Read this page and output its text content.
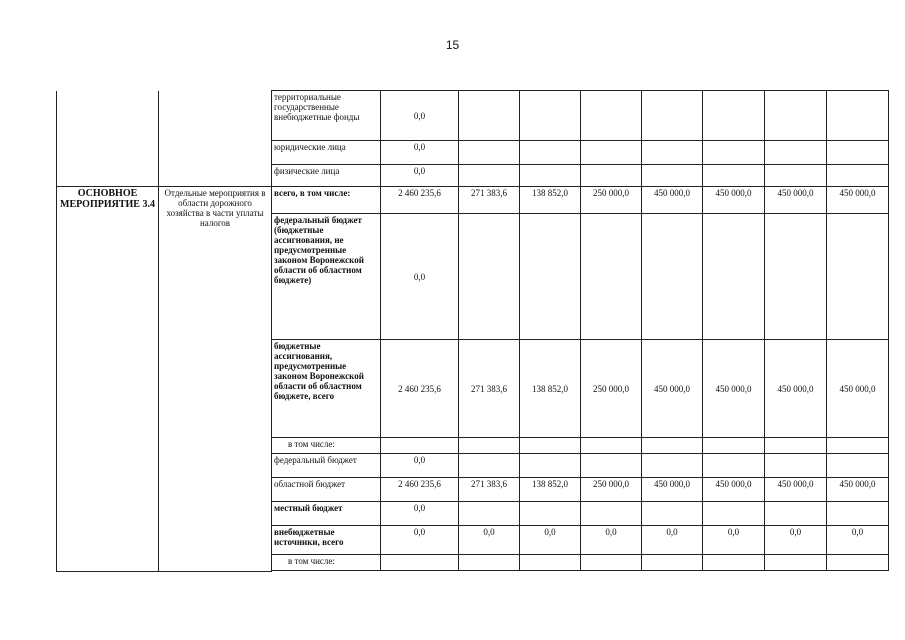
15
		территориальные государственные внебюджетные фонды	0,0							
		юридические лица	0,0							
		физические лица	0,0							
ОСНОВНОЕ МЕРОПРИЯТИЕ 3.4	Отдельные мероприятия в области дорожного хозяйства в части уплаты налогов	всего, в том числе:	2 460 235,6	271 383,6	138 852,0	250 000,0	450 000,0	450 000,0	450 000,0	450 000,0
		федеральный бюджет (бюджетные ассигнования, не предусмотренные законом Воронежской области об областном бюджете)	0,0							
		бюджетные ассигнования, предусмотренные законом Воронежской области об областном бюджете, всего	2 460 235,6	271 383,6	138 852,0	250 000,0	450 000,0	450 000,0	450 000,0	450 000,0
		в том числе:								
		федеральный бюджет	0,0							
		областной бюджет	2 460 235,6	271 383,6	138 852,0	250 000,0	450 000,0	450 000,0	450 000,0	450 000,0
		местный бюджет	0,0							
		внебюджетные источники, всего	0,0	0,0	0,0	0,0	0,0	0,0	0,0	0,0
		в том числе:								
